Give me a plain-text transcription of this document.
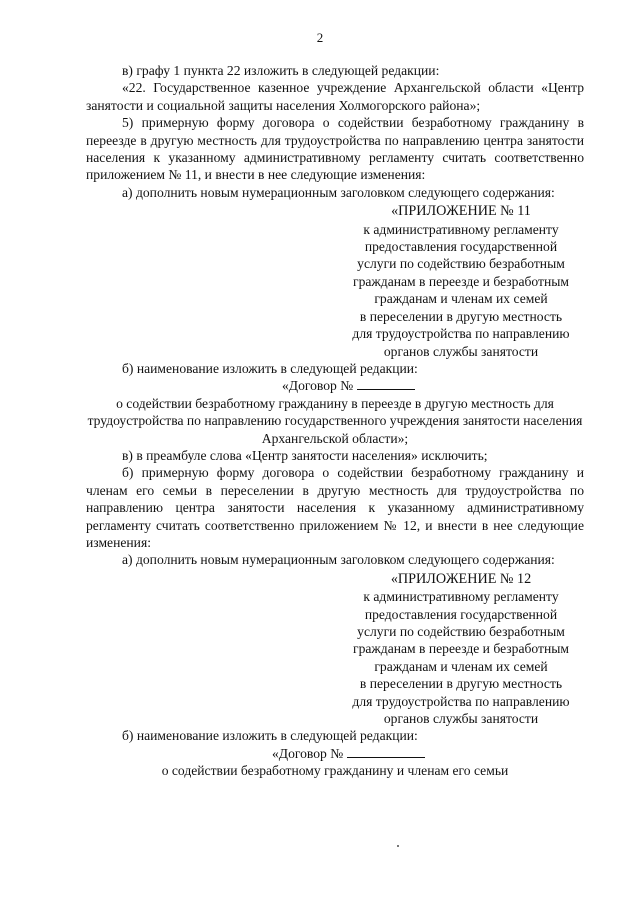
2

в) графу 1 пункта 22 изложить в следующей редакции:

«22. Государственное казенное учреждение Архангельской области «Центр занятости и социальной защиты населения Холмогорского района»;

5) примерную форму договора о содействии безработному гражданину в переезде в другую местность для трудоустройства по направлению центра занятости населения к указанному административному регламенту считать соответственно приложением № 11, и внести в нее следующие изменения:

а) дополнить новым нумерационным заголовком следующего содержания:

«ПРИЛОЖЕНИЕ № 11
к административному регламенту
предоставления государственной
услуги по содействию безработным
гражданам в переезде и безработным
гражданам и членам их семей
в переселении в другую местность
для трудоустройства по направлению
органов службы занятости

б) наименование изложить в следующей редакции:

«Договор №

о содействии безработному гражданину в переезде в другую местность для трудоустройства по направлению государственного учреждения занятости населения Архангельской области»;

в) в преамбуле слова «Центр занятости населения» исключить;

б) примерную форму договора о содействии безработному гражданину и членам его семьи в переселении в другую местность для трудоустройства по направлению центра занятости населения к указанному административному регламенту считать соответственно приложением № 12, и внести в нее следующие изменения:

а) дополнить новым нумерационным заголовком следующего содержания:

«ПРИЛОЖЕНИЕ № 12
к административному регламенту
предоставления государственной
услуги по содействию безработным
гражданам в переезде и безработным
гражданам и членам их семей
в переселении в другую местность
для трудоустройства по направлению
органов службы занятости

б) наименование изложить в следующей редакции:

«Договор №

о содействии безработному гражданину и членам его семьи
